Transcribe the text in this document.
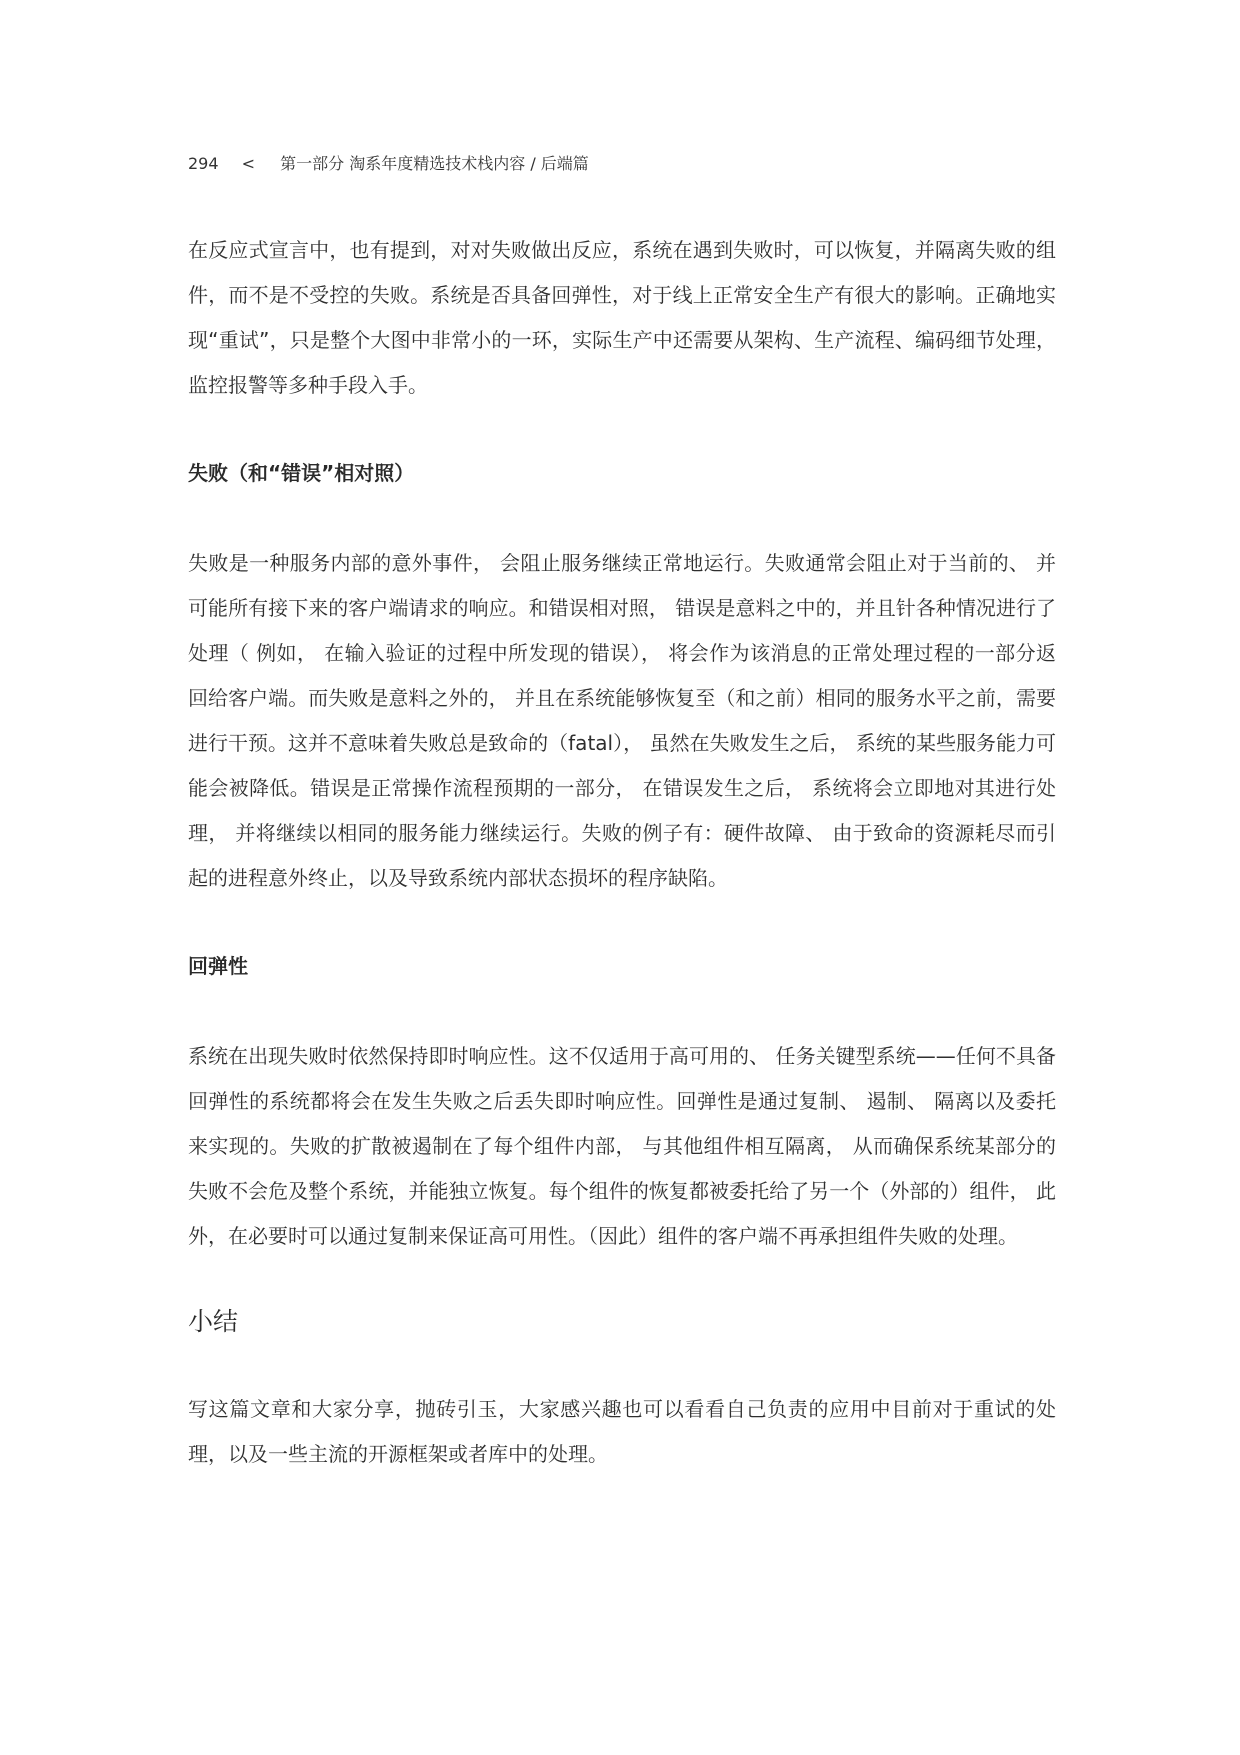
294 < 第一部分 淘系年度精选技术栈内容 / 后端篇

在反应式宣言中，也有提到，对对失败做出反应，系统在遇到失败时，可以恢复，并隔离失败的组件，而不是不受控的失败。系统是否具备回弹性，对于线上正常安全生产有很大的影响。正确地实现“重试”，只是整个大图中非常小的一环，实际生产中还需要从架构、生产流程、编码细节处理，监控报警等多种手段入手。

失败（和“错误”相对照）

失败是一种服务内部的意外事件， 会阻止服务继续正常地运行。失败通常会阻止对于当前的、 并可能所有接下来的客户端请求的响应。和错误相对照， 错误是意料之中的，并且针各种情况进行了处理（ 例如， 在输入验证的过程中所发现的错误）， 将会作为该消息的正常处理过程的一部分返回给客户端。而失败是意料之外的， 并且在系统能够恢复至（和之前）相同的服务水平之前，需要进行干预。这并不意味着失败总是致命的（fatal）， 虽然在失败发生之后， 系统的某些服务能力可能会被降低。错误是正常操作流程预期的一部分， 在错误发生之后， 系统将会立即地对其进行处理， 并将继续以相同的服务能力继续运行。失败的例子有：硬件故障、 由于致命的资源耗尽而引起的进程意外终止，以及导致系统内部状态损坏的程序缺陷。

回弹性

系统在出现失败时依然保持即时响应性。这不仅适用于高可用的、 任务关键型系统——任何不具备回弹性的系统都将会在发生失败之后丢失即时响应性。回弹性是通过复制、 遏制、 隔离以及委托来实现的。失败的扩散被遏制在了每个组件内部， 与其他组件相互隔离， 从而确保系统某部分的失败不会危及整个系统，并能独立恢复。每个组件的恢复都被委托给了另一个（外部的）组件， 此外，在必要时可以通过复制来保证高可用性。（因此）组件的客户端不再承担组件失败的处理。

小结

写这篇文章和大家分享，抛砖引玉，大家感兴趣也可以看看自己负责的应用中目前对于重试的处理，以及一些主流的开源框架或者库中的处理。
